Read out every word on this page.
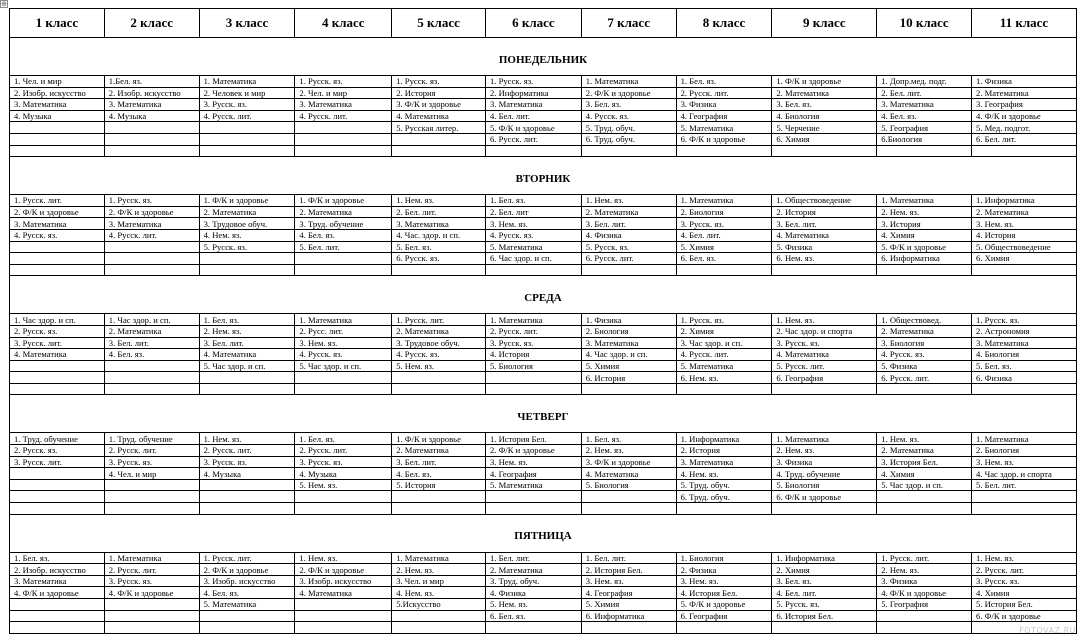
⊕
1 класс	2 класс	3 класс	4 класс	5 класс	6 класс	7 класс	8 класс	9 класс	10 класс	11 класс
ПОНЕДЕЛЬНИК										
1. Чел. и мир	1.Бел. яз.	1. Математика	1. Русск. яз.	1. Русск. яз.	1. Русск. яз.	1. Математика	1. Бел. яз.	1. Ф/К и здоровье	1. Допр.мед. подг.	1. Физика
2. Изобр. искусство	2. Изобр. искусство	2. Человек и мир	2. Чел. и мир	2. История	2. Информатика	2. Ф/К и здоровье	2. Русск. лит.	2. Математика	2. Бел. лит.	2. Математика
3. Математика	3. Математика	3. Русск. яз.	3. Математика	3. Ф/К и здоровье	3. Математика	3. Бел. яз.	3. Физика	3. Бел. яз.	3. Математика	3. География
4. Музыка	4. Музыка	4. Русск. лит.	4. Русск. лит.	4. Математика	4. Бел. лит.	4. Русск. яз.	4. География	4. Биология	4. Бел. яз.	4. Ф/К и здоровье
				5. Русская литер.	5. Ф/К и здоровье	5. Труд. обуч.	5. Математика	5. Черчение	5. География	5. Мед. подгот.
					6. Русск. лит.	6. Труд. обуч.	6. Ф/К и здоровье	6. Химия	6.Биология	6. Бел. лит.

ВТОРНИК										
1. Русск. лит.	1. Русск. яз.	1. Ф/К и здоровье	1. Ф/К и здоровье	1. Нем. яз.	1. Бел. яз.	1. Нем. яз.	1. Математика	1. Обществоведение	1. Математика	1. Информатика
2. Ф/К и здоровье	2. Ф/К и здоровье	2. Математика	2. Математика	2. Бел. лит.	2. Бел. лит	2. Математика	2. Биология	2. История	2. Нем. яз.	2. Математика
3. Математика	3. Математика	3. Трудовое обуч.	3. Труд. обучение	3. Математика	3. Нем. яз.	3. Бел. лит.	3. Русск. яз.	3. Бел. лит.	3. История	3. Нем. яз.
4. Русск. яз.	4. Русск. лит.	4. Нем. яз.	4. Бел. яз.	4. Час. здор. и сп.	4. Русск. яз.	4. Физика	4. Бел. лит.	4. Математика	4. Химия	4. История
		5. Русск. яз.	5. Бел. лит.	5. Бел. яз.	5. Математика	5. Русск. яз.	5. Химия	5. Физика	5. Ф/К и здоровье	5. Обществоведение
				6. Русск. яз.	6. Час здор. и сп.	6. Русск. лит.	6. Бел. яз.	6. Нем. яз.	6. Информатика	6. Химия

СРЕДА										
1. Час здор. и сп.	1. Час здор. и сп.	1. Бел. яз.	1. Математика	1. Русск. лит.	1. Математика	1. Физика	1. Русск. яз.	1. Нем. яз.	1. Обществовед.	1. Русск. яз.
2. Русск. яз.	2. Математика	2. Нем. яз.	2. Русс. лит.	2. Математика	2. Русск. лит.	2. Биология	2. Химия	2. Час здор. и спорта	2. Математика	2. Астрономия
3. Русск. лит.	3. Бел. лит.	3. Бел. лит.	3. Нем. яз.	3. Трудовое обуч.	3. Русск. яз.	3. Математика	3. Час здор. и сп.	3. Русск. яз.	3. Биология	3. Математика
4. Математика	4. Бел. яз.	4. Математика	4. Русск. яз.	4. Русск. яз.	4. История	4. Час здор. и сп.	4. Русск. лит.	4. Математика	4. Русск. яз.	4. Биология
		5. Час здор. и сп.	5. Час здор. и сп.	5. Нем. яз.	5. Биология	5. Химия	5. Математика	5. Русск. лит.	5. Физика	5. Бел. яз.
						6. История	6. Нем. яз.	6. География	6. Русск. лит.	6. Физика

ЧЕТВЕРГ										
1. Труд. обучение	1. Труд. обучение	1. Нем. яз.	1. Бел. яз.	1. Ф/К и здоровье	1. История Бел.	1. Бел. яз.	1. Информатика	1. Математика	1. Нем. яз.	1. Математика
2. Русск. яз.	2. Русск. лит.	2. Русск. лит.	2. Русск. лит.	2. Математика	2. Ф/К и здоровье	2. Нем. яз.	2. История	2. Нем. яз.	2. Математика	2. Биология
3. Русск. лит.	3. Русск. яз.	3. Русск. яз.	3. Русск. яз.	3. Бел. лит.	3. Нем. яз.	3. Ф/К и здоровье	3. Математика	3. Физика	3. История Бел.	3. Нем. яз.
	4. Чел. и мир	4. Музыка	4. Музыка	4. Бел. яз.	4. География	4. Математика	4. Нем. яз.	4. Труд. обучение	4. Химия	4. Час здор. и спорта
			5. Нем. яз.	5. История	5. Математика	5. Биология	5. Труд. обуч.	5. Биология	5. Час здор. и сп.	5. Бел. лит.
							6. Труд. обуч.	6. Ф/К и здоровье		

ПЯТНИЦА										
1. Бел. яз.	1. Математика	1. Русск. лит.	1. Нем. яз.	1. Математика	1. Бел. лит.	1. Бел. лит.	1. Биология	1. Информатика	1. Русск. лит.	1. Нем. яз.
2. Изобр. искусство	2. Русск. лит.	2. Ф/К и здоровье	2. Ф/К и здоровье	2. Нем. яз.	2. Математика	2. История Бел.	2. Физика	2. Химия	2. Нем. яз.	2. Русск. лит.
3. Математика	3. Русск. яз.	3. Изобр. искусство	3. Изобр. искусство	3. Чел. и мир	3. Труд. обуч.	3. Нем. яз.	3. Нем. яз.	3. Бел. яз.	3. Физика	3. Русск. яз.
4. Ф/К и здоровье	4. Ф/К и здоровье	4. Бел. яз.	4. Математика	4. Нем. яз.	4. Физика	4. География	4. История Бел.	4. Бел. лит.	4. Ф/К и здоровье	4. Химия
		5. Математика		5.Искусство	5. Нем. яз.	5. Химия	5. Ф/К и здоровье	5. Русск. яз.	5. География	5. История Бел.
					6. Бел. яз.	6. Информатика	6. География	6. История Бел.		6. Ф/К и здоровье

FOTOVAZ.RU
